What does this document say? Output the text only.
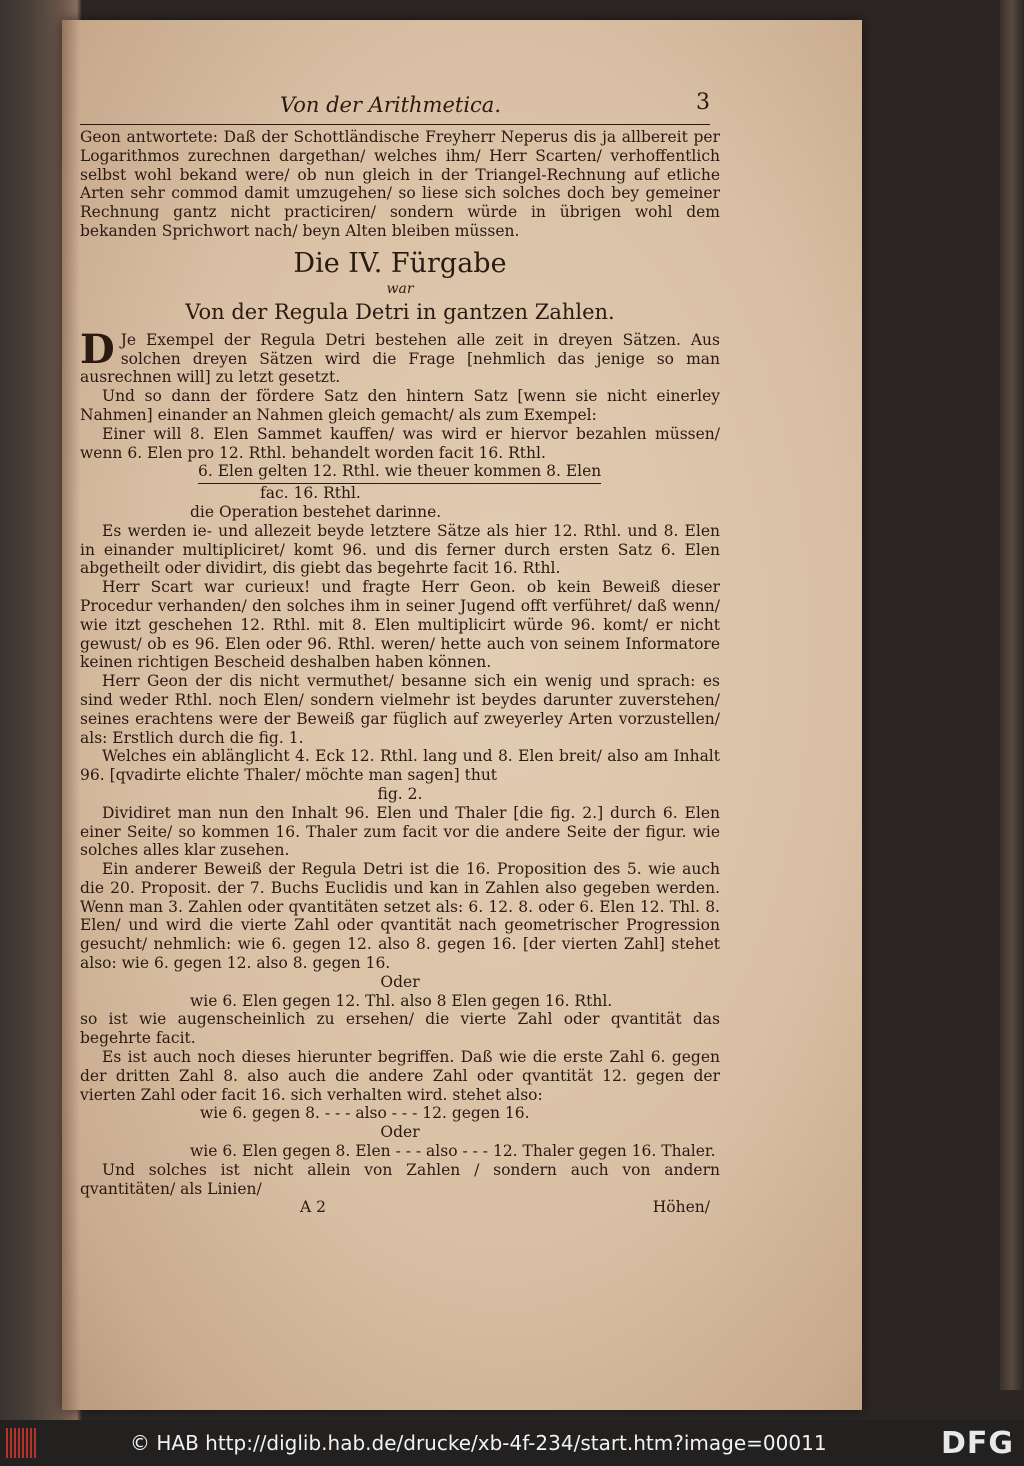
Von der Arithmetica.	3

Geon antwortete: Daß der Schottländische Freyherr Neperus dis ja allbereit per Logarithmos zurechnen dargethan/ welches ihm/ Herr Scarten/ verhoffentlich selbst wohl bekand were/ ob nun gleich in der Triangel-Rechnung auf etliche Arten sehr commod damit umzugehen/ so liese sich solches doch bey gemeiner Rechnung gantz nicht practiciren/ sondern würde in übrigen wohl dem bekanden Sprichwort nach/ beyn Alten bleiben müssen.

Die IV. Fürgabe

war

Von der Regula Detri in gantzen Zahlen.

D Je Exempel der Regula Detri bestehen alle zeit in dreyen Sätzen. Aus solchen dreyen Sätzen wird die Frage [nehmlich das jenige so man ausrechnen will] zu letzt gesetzt.

Und so dann der fördere Satz den hintern Satz [wenn sie nicht einerley Nahmen] einander an Nahmen gleich gemacht/ als zum Exempel:

Einer will 8. Elen Sammet kauffen/ was wird er hiervor bezahlen müssen/ wenn 6. Elen pro 12. Rthl. behandelt worden facit 16. Rthl.

6. Elen gelten 12. Rthl. wie theuer kommen 8. Elen

fac. 16. Rthl.

die Operation bestehet darinne.

Es werden ie- und allezeit beyde letztere Sätze als hier 12. Rthl. und 8. Elen in einander multipliciret/ komt 96. und dis ferner durch ersten Satz 6. Elen abgetheilt oder dividirt, dis giebt das begehrte facit 16. Rthl.

Herr Scart war curieux! und fragte Herr Geon. ob kein Beweiß dieser Procedur verhanden/ den solches ihm in seiner Jugend offt verführet/ daß wenn/ wie itzt geschehen 12. Rthl. mit 8. Elen multiplicirt würde 96. komt/ er nicht gewust/ ob es 96. Elen oder 96. Rthl. weren/ hette auch von seinem Informatore keinen richtigen Bescheid deshalben haben können.

Herr Geon der dis nicht vermuthet/ besanne sich ein wenig und sprach: es sind weder Rthl. noch Elen/ sondern vielmehr ist beydes darunter zuverstehen/ seines erachtens were der Beweiß gar füglich auf zweyerley Arten vorzustellen/ als: Erstlich durch die fig. 1.

Welches ein ablänglicht 4. Eck 12. Rthl. lang und 8. Elen breit/ also am Inhalt 96. [qvadirte elichte Thaler/ möchte man sagen] thut

fig. 2.

Dividiret man nun den Inhalt 96. Elen und Thaler [die fig. 2.] durch 6. Elen einer Seite/ so kommen 16. Thaler zum facit vor die andere Seite der figur. wie solches alles klar zusehen.

Ein anderer Beweiß der Regula Detri ist die 16. Proposition des 5. wie auch die 20. Proposit. der 7. Buchs Euclidis und kan in Zahlen also gegeben werden. Wenn man 3. Zahlen oder qvantitäten setzet als: 6. 12. 8. oder 6. Elen 12. Thl. 8. Elen/ und wird die vierte Zahl oder qvantität nach geometrischer Progression gesucht/ nehmlich: wie 6. gegen 12. also 8. gegen 16. [der vierten Zahl] stehet also: wie 6. gegen 12. also 8. gegen 16.

Oder

wie 6. Elen gegen 12. Thl. also 8 Elen gegen 16. Rthl.

so ist wie augenscheinlich zu ersehen/ die vierte Zahl oder qvantität das begehrte facit.

Es ist auch noch dieses hierunter begriffen. Daß wie die erste Zahl 6. gegen der dritten Zahl 8. also auch die andere Zahl oder qvantität 12. gegen der vierten Zahl oder facit 16. sich verhalten wird. stehet also:

wie 6. gegen 8. - - - also - - - 12. gegen 16.

Oder

wie 6. Elen gegen 8. Elen - - - also - - - 12. Thaler gegen 16. Thaler.

Und solches ist nicht allein von Zahlen / sondern auch von andern qvantitäten/ als Linien/

A 2	Höhen/
© HAB http://diglib.hab.de/drucke/xb-4f-234/start.htm?image=00011	DFG
